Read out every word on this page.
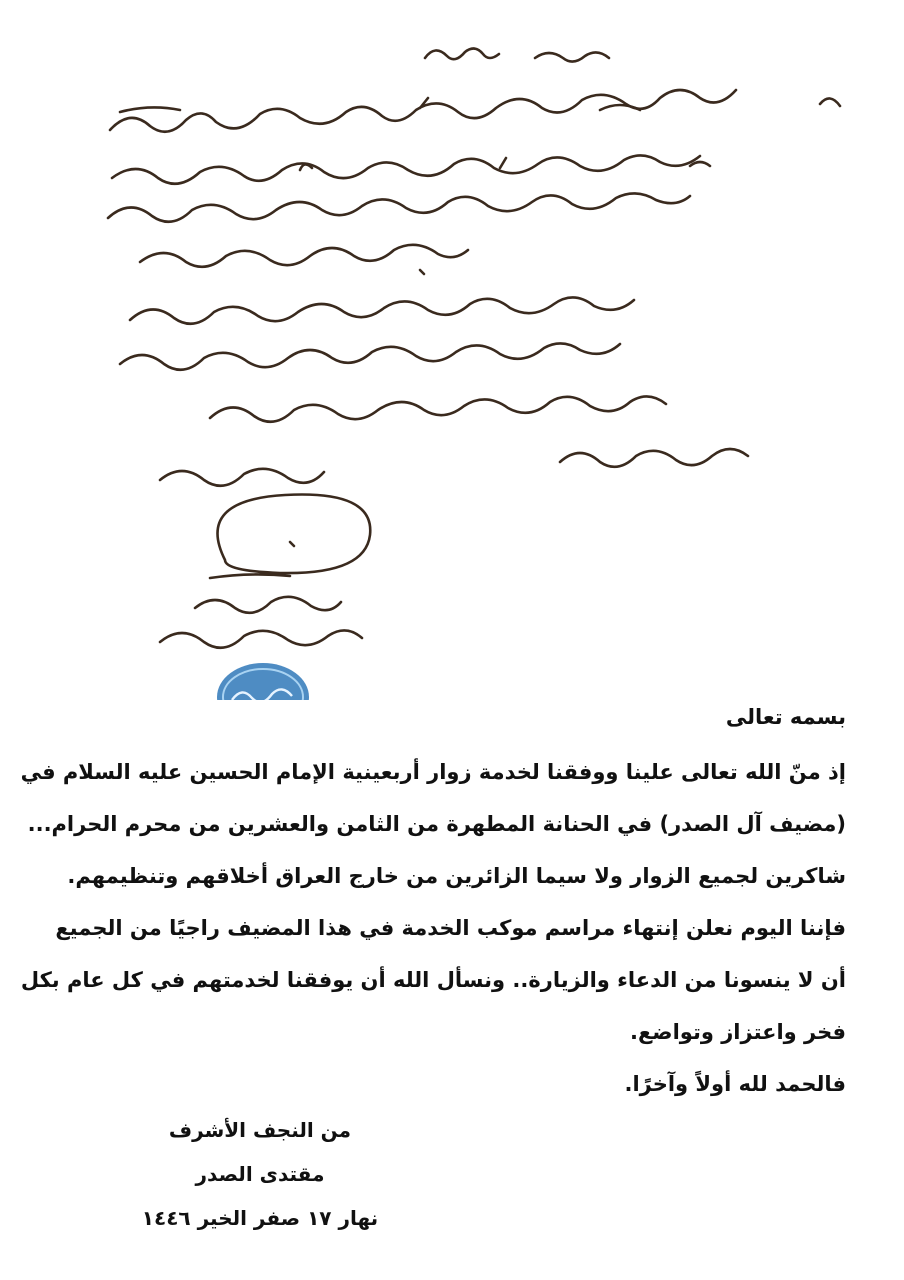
بسمه تعالى
إذ منّ الله تعالى علينا ووفقنا لخدمة زوار أربعينية الإمام الحسين عليه السلام في
(مضيف آل الصدر) في الحنانة المطهرة من الثامن والعشرين من محرم الحرام...
شاكرين لجميع الزوار ولا سيما الزائرين من خارج العراق أخلاقهم وتنظيمهم.
فإننا اليوم نعلن إنتهاء مراسم موكب الخدمة في هذا المضيف راجيًا من الجميع
أن لا ينسونا من الدعاء والزيارة.. ونسأل الله أن يوفقنا لخدمتهم في كل عام بكل
فخر واعتزاز وتواضع.
فالحمد لله أولاً وآخرًا.
من النجف الأشرف
مقتدى الصدر
نهار ١٧ صفر الخير ١٤٤٦
